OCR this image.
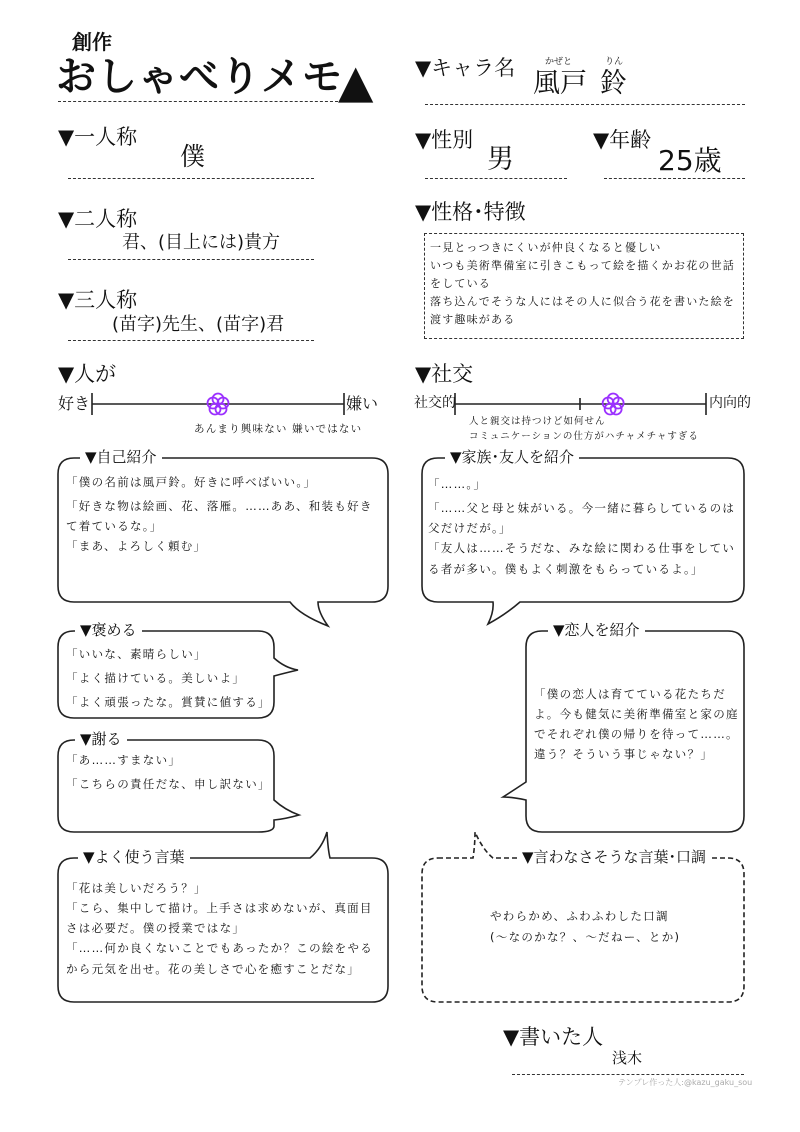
創作
おしゃべりメモ
▲ ▼キャラ名	かぜと	りん
風戸 鈴
▼一人称
僕
▼二人称
君、(目上には)貴方
▼三人称
(苗字)先生、(苗字)君
▼性別
男
▼年齢
25歳
▼性格･特徴
一見とっつきにくいが仲良くなると優しい
いつも美術準備室に引きこもって絵を描くかお花の世話
をしている
落ち込んでそうな人にはその人に似合う花を書いた絵を
渡す趣味がある
▼人が
好き	嫌い
あんまり興味ない 嫌いではない
▼社交
社交的	内向的
人と親交は持つけど如何せん
コミュニケーションの仕方がハチャメチャすぎる
▼自己紹介

「僕の名前は風戸鈴。好きに呼べばいい。」

「好きな物は絵画、花、落雁。……ああ、和装も好きて着ているな。」

「まあ、よろしく頼む」

▼家族･友人を紹介

「……。」

「……父と母と妹がいる。今一緒に暮らしているのは父だけだが。」

「友人は……そうだな、みな絵に関わる仕事をしている者が多い。僕もよく刺激をもらっているよ。」

▼褒める

「いいな、素晴らしい」

「よく描けている。美しいよ」

「よく頑張ったな。賞賛に値する」

▼恋人を紹介
「僕の恋人は育てている花たちだよ。今も健気に美術準備室と家の庭でそれぞれ僕の帰りを待って……。違う？そういう事じゃない？」
▼謝る

「あ……すまない」

「こちらの責任だな、申し訳ない」

▼よく使う言葉

「花は美しいだろう？」

「こら、集中して描け。上手さは求めないが、真面目さは必要だ。僕の授業ではな」

「……何か良くないことでもあったか？この絵をやるから元気を出せ。花の美しさで心を癒すことだな」

▼言わなさそうな言葉･口調
やわらかめ、ふわふわした口調
(～なのかな？、～だねー、とか)
▼書いた人
浅木
テンプレ作った人:@kazu_gaku_sou
